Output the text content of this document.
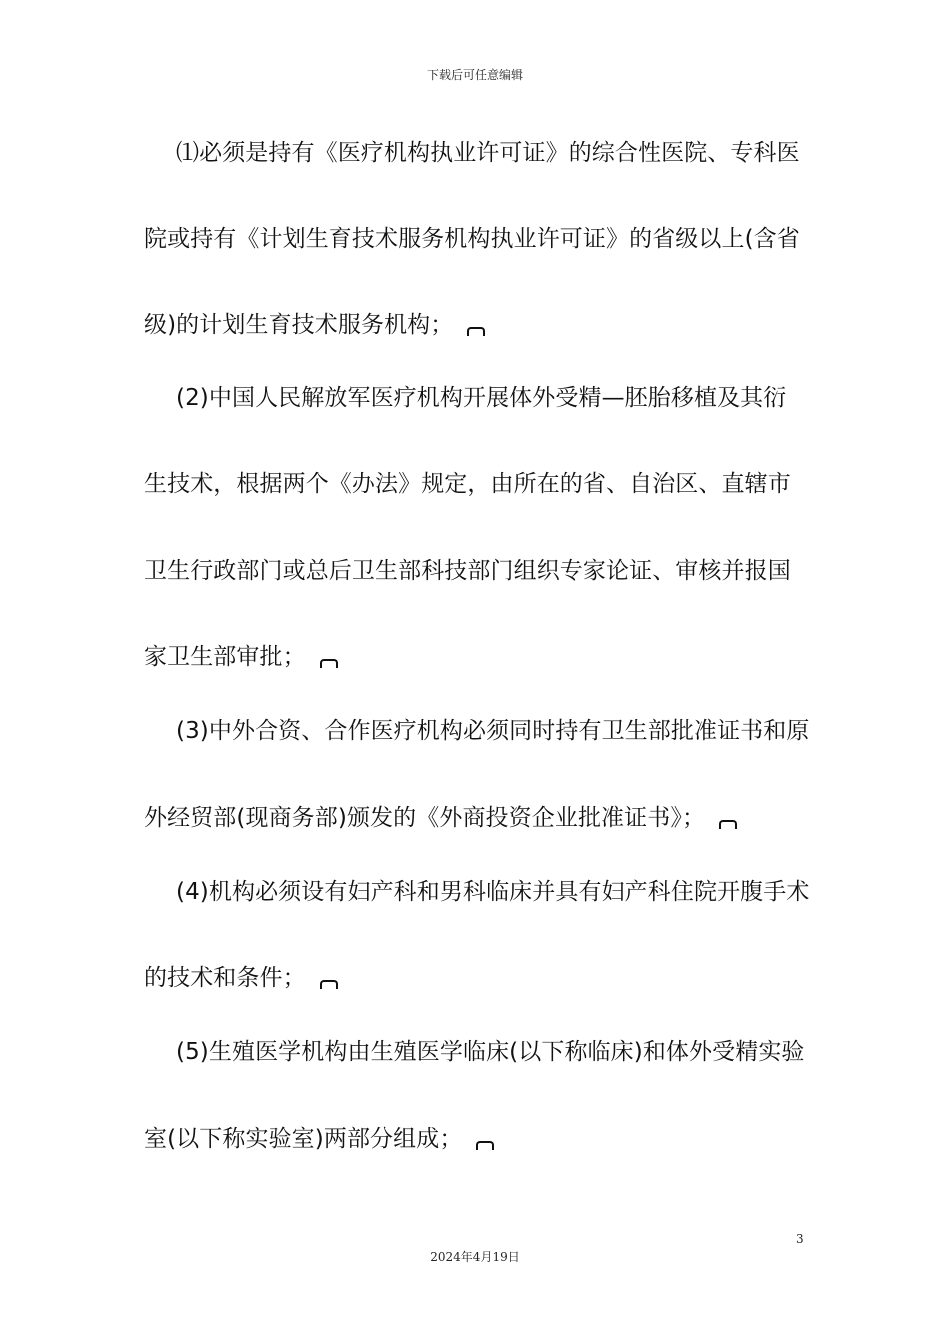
下载后可任意编辑
⑴必须是持有《医疗机构执业许可证》的综合性医院、专科医
院或持有《计划生育技术服务机构执业许可证》的省级以上(含省
级)的计划生育技术服务机构；
(2)中国人民解放军医疗机构开展体外受精—胚胎移植及其衍
生技术，根据两个《办法》规定，由所在的省、自治区、直辖市
卫生行政部门或总后卫生部科技部门组织专家论证、审核并报国
家卫生部审批；
(3)中外合资、合作医疗机构必须同时持有卫生部批准证书和原
外经贸部(现商务部)颁发的《外商投资企业批准证书》；
(4)机构必须设有妇产科和男科临床并具有妇产科住院开腹手术
的技术和条件；
(5)生殖医学机构由生殖医学临床(以下称临床)和体外受精实验
室(以下称实验室)两部分组成；
3
2024年4月19日
